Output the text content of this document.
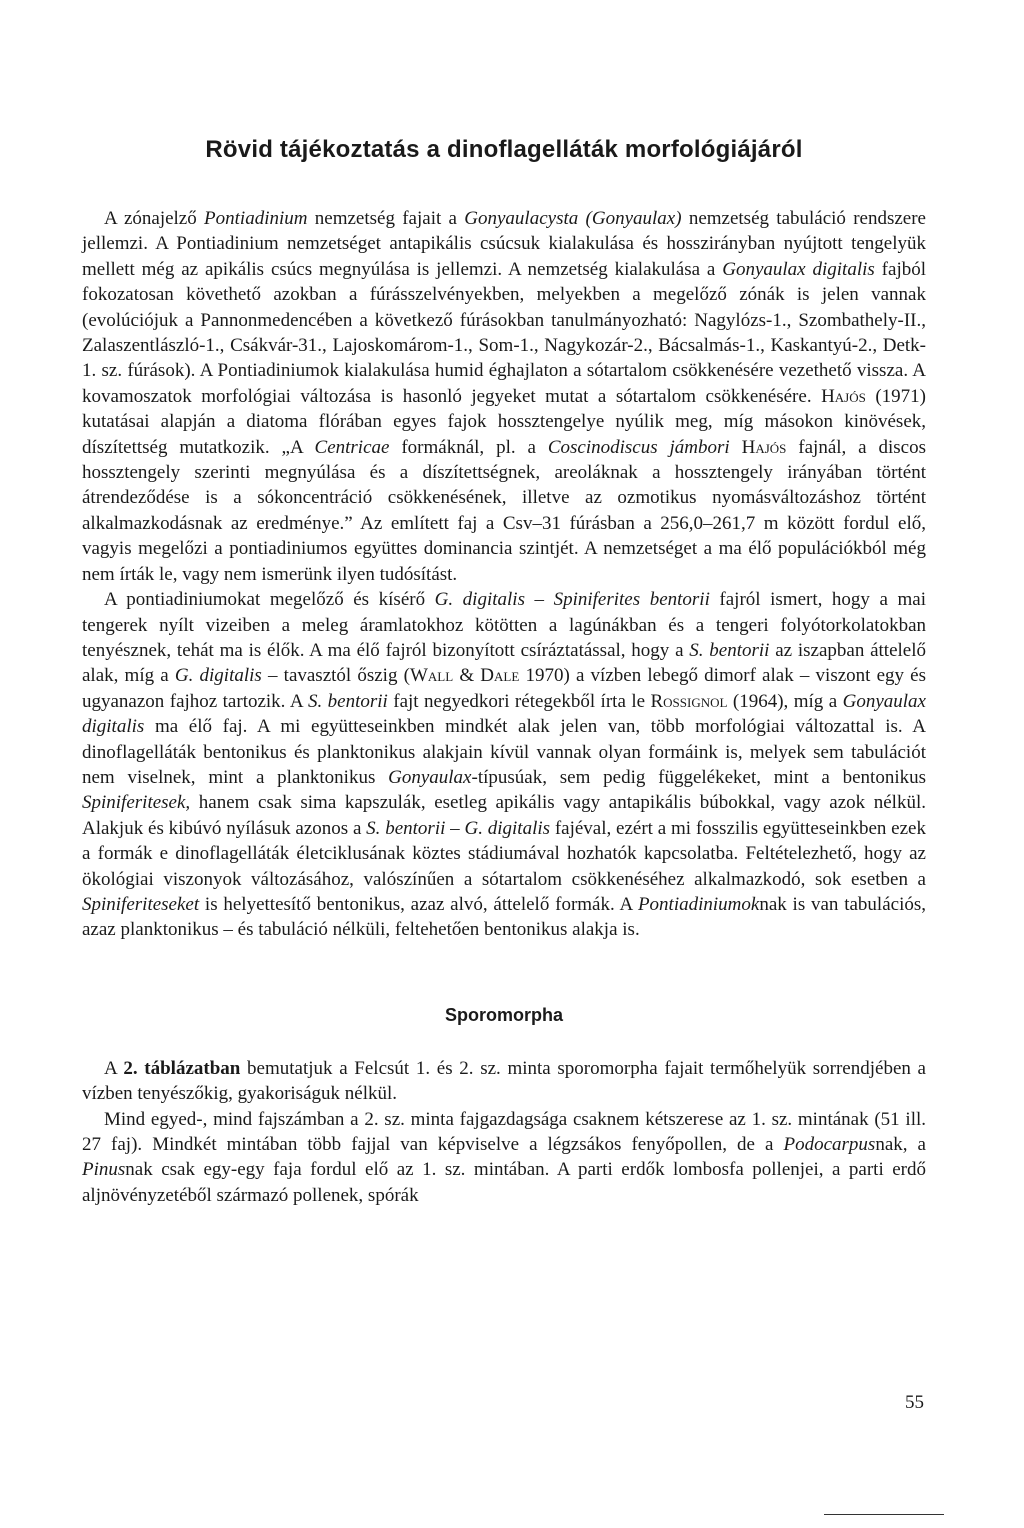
Rövid tájékoztatás a dinoflagelláták morfológiájáról

A zónajelző Pontiadinium nemzetség fajait a Gonyaulacysta (Gonyaulax) nemzetség tabuláció rendszere jellemzi. A Pontiadinium nemzetséget antapikális csúcsuk kialakulása és hosszirányban nyújtott tengelyük mellett még az apikális csúcs megnyúlása is jellemzi. A nemzetség kialakulása a Gonyaulax digitalis fajból fokozatosan követhető azokban a fúrásszelvényekben, melyekben a megelőző zónák is jelen vannak (evolúciójuk a Pannonmedencében a következő fúrásokban tanulmányozható: Nagylózs-1., Szombathely-II., Zalaszentlászló-1., Csákvár-31., Lajoskomárom-1., Som-1., Nagykozár-2., Bácsalmás-1., Kaskantyú-2., Detk-1. sz. fúrások). A Pontiadiniumok kialakulása humid éghajlaton a sótartalom csökkenésére vezethető vissza. A kovamoszatok morfológiai változása is hasonló jegyeket mutat a sótartalom csökkenésére. Hajós (1971) kutatásai alapján a diatoma flórában egyes fajok hossztengelye nyúlik meg, míg másokon kinövések, díszítettség mutatkozik. „A Centricae formáknál, pl. a Coscinodiscus jámbori Hajós fajnál, a discos hossztengely szerinti megnyúlása és a díszítettségnek, areoláknak a hossztengely irányában történt átrendeződése is a sókoncentráció csökkenésének, illetve az ozmotikus nyomásváltozáshoz történt alkalmazkodásnak az eredménye.” Az említett faj a Csv–31 fúrásban a 256,0–261,7 m között fordul elő, vagyis megelőzi a pontiadiniumos együttes dominancia szintjét. A nemzetséget a ma élő populációkból még nem írták le, vagy nem ismerünk ilyen tudósítást.

A pontiadiniumokat megelőző és kísérő G. digitalis – Spiniferites bentorii fajról ismert, hogy a mai tengerek nyílt vizeiben a meleg áramlatokhoz kötötten a lagúnákban és a tengeri folyótorkolatokban tenyésznek, tehát ma is élők. A ma élő fajról bizonyított csíráztatással, hogy a S. bentorii az iszapban áttelelő alak, míg a G. digitalis – tavasztól őszig (Wall & Dale 1970) a vízben lebegő dimorf alak – viszont egy és ugyanazon fajhoz tartozik. A S. bentorii fajt negyedkori rétegekből írta le Rossignol (1964), míg a Gonyaulax digitalis ma élő faj. A mi együtteseinkben mindkét alak jelen van, több morfológiai változattal is. A dinoflagelláták bentonikus és planktonikus alakjain kívül vannak olyan formáink is, melyek sem tabulációt nem viselnek, mint a planktonikus Gonyaulax-típusúak, sem pedig függelékeket, mint a bentonikus Spiniferitesek, hanem csak sima kapszulák, esetleg apikális vagy antapikális búbokkal, vagy azok nélkül. Alakjuk és kibúvó nyílásuk azonos a S. bentorii – G. digitalis fajéval, ezért a mi fosszilis együtteseinkben ezek a formák e dinoflagelláták életciklusának köztes stádiumával hozhatók kapcsolatba. Feltételezhető, hogy az ökológiai viszonyok változásához, valószínűen a sótartalom csökkenéséhez alkalmazkodó, sok esetben a Spiniferiteseket is helyettesítő bentonikus, azaz alvó, áttelelő formák. A Pontiadiniumoknak is van tabulációs, azaz planktonikus – és tabuláció nélküli, feltehetően bentonikus alakja is.

Sporomorpha

A 2. táblázatban bemutatjuk a Felcsút 1. és 2. sz. minta sporomorpha fajait termőhelyük sorrendjében a vízben tenyészőkig, gyakoriságuk nélkül.

Mind egyed-, mind fajszámban a 2. sz. minta fajgazdagsága csaknem kétszerese az 1. sz. mintának (51 ill. 27 faj). Mindkét mintában több fajjal van képviselve a légzsákos fenyőpollen, de a Podocarpusnak, a Pinusnak csak egy-egy faja fordul elő az 1. sz. mintában. A parti erdők lombosfa pollenjei, a parti erdő aljnövényzetéből származó pollenek, spórák

55
